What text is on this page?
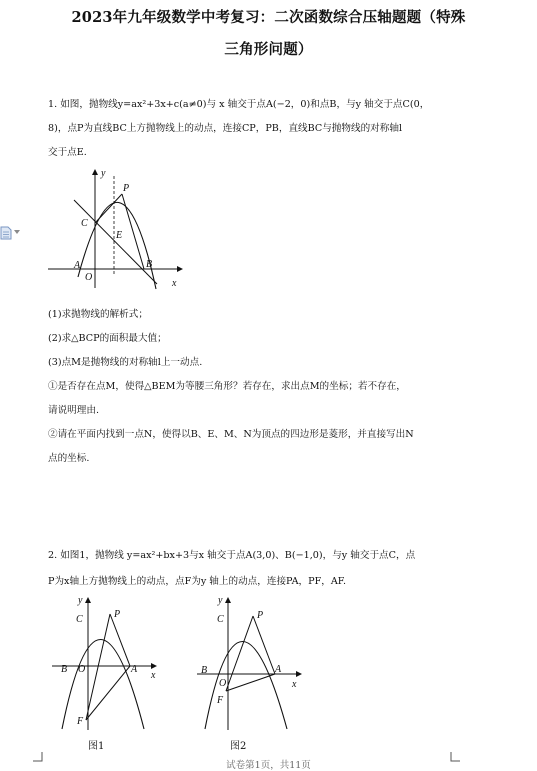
2023年九年级数学中考复习：二次函数综合压轴题题（特殊
三角形问题）
1. 如图，抛物线y=ax²+3x+c(a≠0)与 x 轴交于点A(−2，0)和点B，与y 轴交于点C(0，
8)，点P为直线BC上方抛物线上的动点，连接CP，PB，直线BC与抛物线的对称轴l
交于点E.
y
x
P
C
E
A
O
B
(1)求抛物线的解析式；
(2)求△BCP的面积最大值；
(3)点M是抛物线的对称轴l上一动点.
①是否存在点M，使得△BEM为等腰三角形？若存在，求出点M的坐标；若不存在，
请说明理由.
②请在平面内找到一点N，使得以B、E、M、N为顶点的四边形是菱形，并直接写出N
点的坐标.
2. 如图1，抛物线 y=ax²+bx+3与x 轴交于点A(3,0)、B(−1,0)，与y 轴交于点C，点
P为x轴上方抛物线上的动点，点F为y 轴上的动点，连接PA，PF，AF.
y
x
C	P
B O	A
F
y
x
C	P
B
O
A
F
图1	图2
试卷第1页，共11页
